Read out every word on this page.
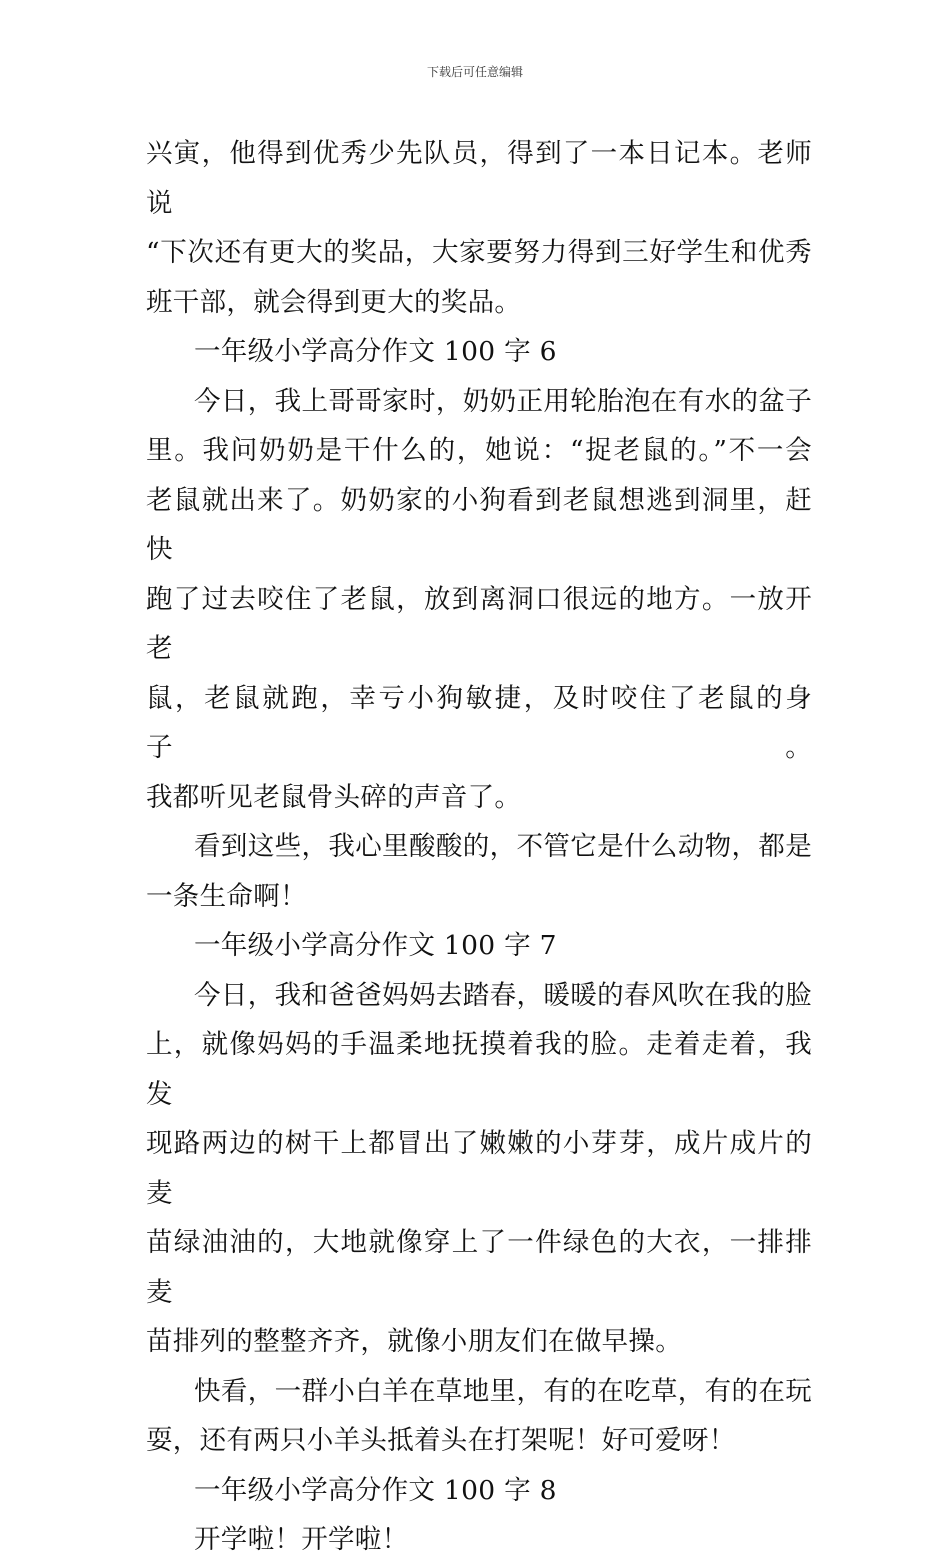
下载后可任意编辑
兴寅，他得到优秀少先队员，得到了一本日记本。老师说
“下次还有更大的奖品，大家要努力得到三好学生和优秀
班干部，就会得到更大的奖品。
一年级小学高分作文 100 字 6
今日，我上哥哥家时，奶奶正用轮胎泡在有水的盆子
里。我问奶奶是干什么的，她说：“捉老鼠的。”不一会
老鼠就出来了。奶奶家的小狗看到老鼠想逃到洞里，赶快
跑了过去咬住了老鼠，放到离洞口很远的地方。一放开老
鼠，老鼠就跑，幸亏小狗敏捷，及时咬住了老鼠的身子。
我都听见老鼠骨头碎的声音了。
看到这些，我心里酸酸的，不管它是什么动物，都是
一条生命啊！
一年级小学高分作文 100 字 7
今日，我和爸爸妈妈去踏春，暖暖的春风吹在我的脸
上，就像妈妈的手温柔地抚摸着我的脸。走着走着，我发
现路两边的树干上都冒出了嫩嫩的小芽芽，成片成片的麦
苗绿油油的，大地就像穿上了一件绿色的大衣，一排排麦
苗排列的整整齐齐，就像小朋友们在做早操。
快看，一群小白羊在草地里，有的在吃草，有的在玩
耍，还有两只小羊头抵着头在打架呢！好可爱呀！
一年级小学高分作文 100 字 8
开学啦！开学啦！
